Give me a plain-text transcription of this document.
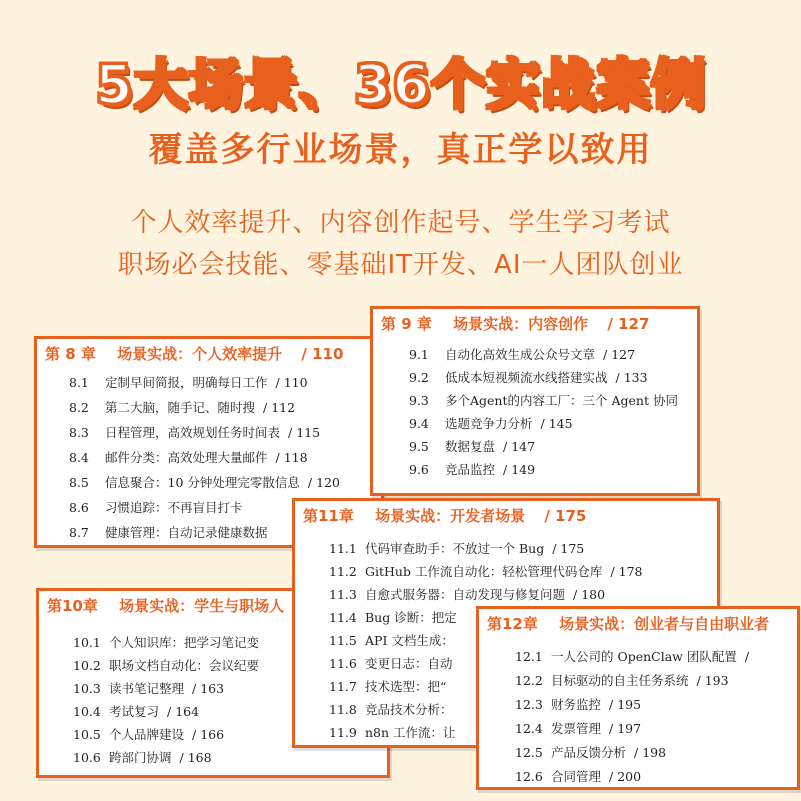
5大场景、36个实战案例
覆盖多行业场景，真正学以致用
个人效率提升、内容创作起号、学生学习考试
职场必会技能、零基础IT开发、AI一人团队创业
第 8 章 场景实战：个人效率提升 / 110
8.1 定制早间简报，明确每日工作 / 110
8.2 第二大脑，随手记、随时搜 / 112
8.3 日程管理，高效规划任务时间表 / 115
8.4 邮件分类：高效处理大量邮件 / 118
8.5 信息聚合：10 分钟处理完零散信息 / 120
8.6 习惯追踪：不再盲目打卡
8.7 健康管理：自动记录健康数据
第 9 章 场景实战：内容创作 / 127
9.1 自动化高效生成公众号文章 / 127
9.2 低成本短视频流水线搭建实战 / 133
9.3 多个Agent的内容工厂：三个 Agent 协同
9.4 选题竞争力分析 / 145
9.5 数据复盘 / 147
9.6 竞品监控 / 149
第10章 场景实战：学生与职场人
10.1 个人知识库：把学习笔记变
10.2 职场文档自动化：会议纪要
10.3 读书笔记整理 / 163
10.4 考试复习 / 164
10.5 个人品牌建设 / 166
10.6 跨部门协调 / 168
第11章 场景实战：开发者场景 / 175
11.1 代码审查助手：不放过一个 Bug / 175
11.2 GitHub 工作流自动化：轻松管理代码仓库 / 178
11.3 自愈式服务器：自动发现与修复问题 / 180
11.4 Bug 诊断：把定
11.5 API 文档生成：
11.6 变更日志：自动
11.7 技术选型：把“
11.8 竞品技术分析：
11.9 n8n 工作流：让
第12章 场景实战：创业者与自由职业者
12.1 一人公司的 OpenClaw 团队配置 /
12.2 目标驱动的自主任务系统 / 193
12.3 财务监控 / 195
12.4 发票管理 / 197
12.5 产品反馈分析 / 198
12.6 合同管理 / 200
